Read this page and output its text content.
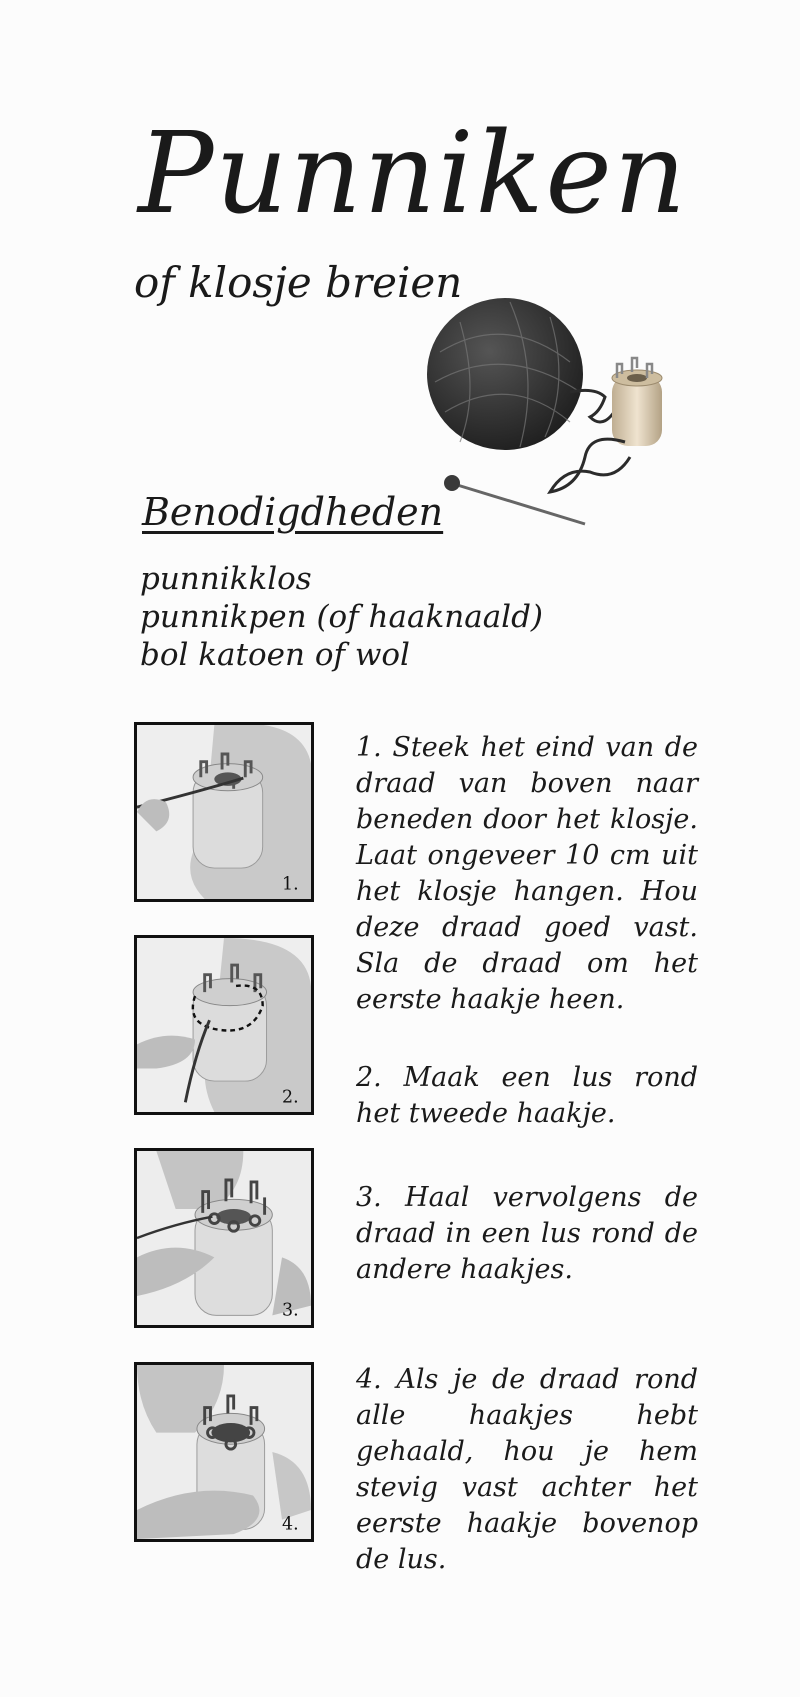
Punniken
of klosje breien
Benodigdheden
punnikklos
punnikpen (of haaknaald)
bol katoen of wol
1.
2.
3.
4.

1. Steek het eind van de draad van boven naar beneden door het klosje. Laat ongeveer 10 cm uit het klosje hangen. Hou deze draad goed vast. Sla de draad om het eerste haakje heen.

2. Maak een lus rond het tweede haakje.

3. Haal vervolgens de draad in een lus rond de andere haakjes.

4. Als je de draad rond alle haakjes hebt gehaald, hou je hem stevig vast achter het eerste haakje bovenop de lus.
